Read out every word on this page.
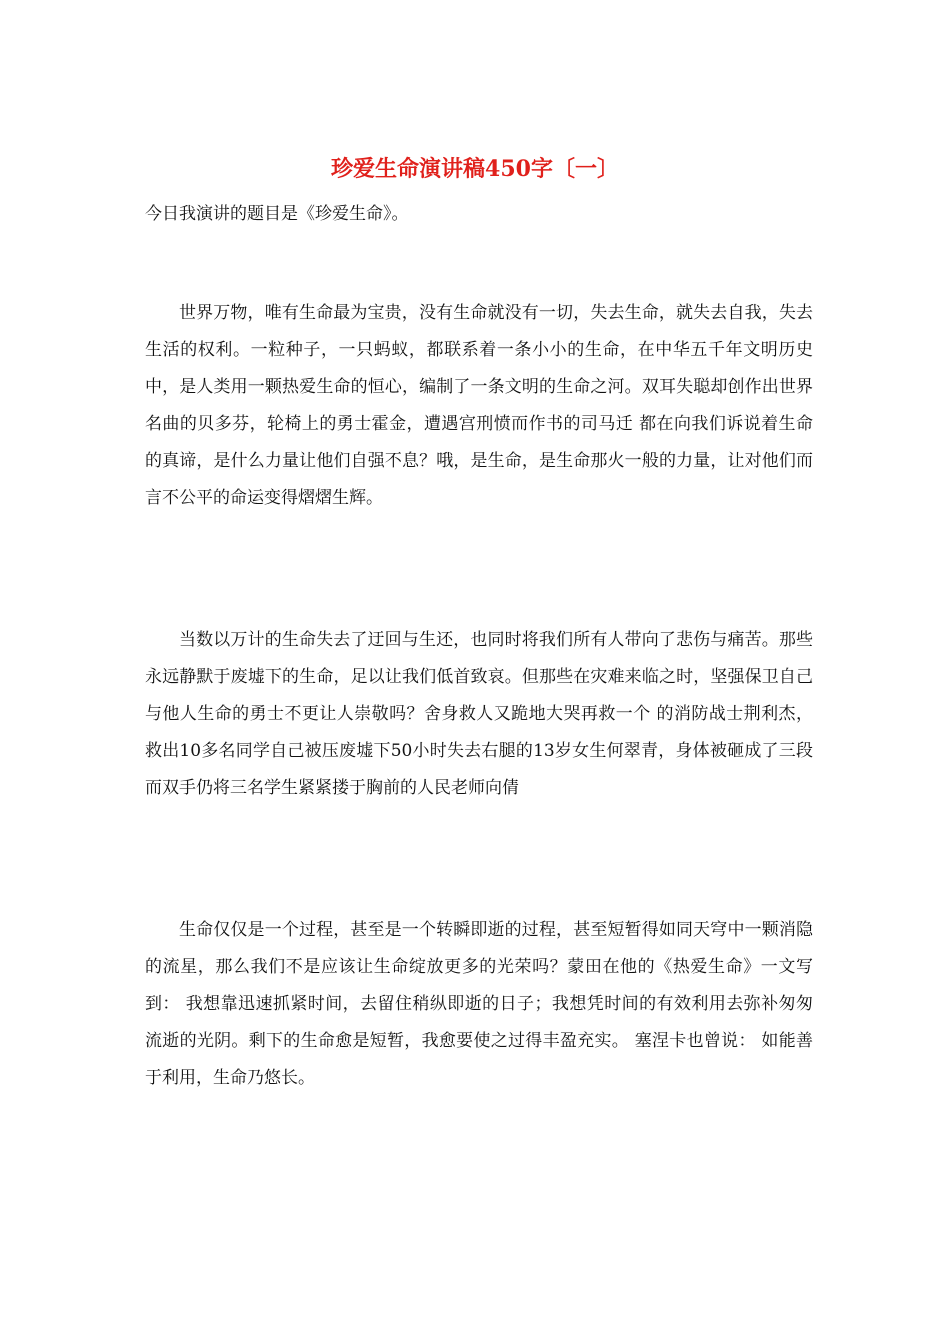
珍爱生命演讲稿450字〔一〕

今日我演讲的题目是《珍爱生命》。

世界万物，唯有生命最为宝贵，没有生命就没有一切，失去生命，就失去自我，失去生活的权利。一粒种子，一只蚂蚁，都联系着一条小小的生命，在中华五千年文明历史中，是人类用一颗热爱生命的恒心，编制了一条文明的生命之河。双耳失聪却创作出世界名曲的贝多芬，轮椅上的勇士霍金，遭遇宫刑愤而作书的司马迁 都在向我们诉说着生命的真谛，是什么力量让他们自强不息？哦，是生命，是生命那火一般的力量，让对他们而言不公平的命运变得熠熠生辉。

当数以万计的生命失去了迂回与生还，也同时将我们所有人带向了悲伤与痛苦。那些永远静默于废墟下的生命，足以让我们低首致哀。但那些在灾难来临之时，坚强保卫自己与他人生命的勇士不更让人崇敬吗？舍身救人又跪地大哭再救一个 的消防战士荆利杰，救出10多名同学自己被压废墟下50小时失去右腿的13岁女生何翠青，身体被砸成了三段而双手仍将三名学生紧紧搂于胸前的人民老师向倩

生命仅仅是一个过程，甚至是一个转瞬即逝的过程，甚至短暂得如同天穹中一颗消隐的流星，那么我们不是应该让生命绽放更多的光荣吗？蒙田在他的《热爱生命》一文写到： 我想靠迅速抓紧时间，去留住稍纵即逝的日子；我想凭时间的有效利用去弥补匆匆流逝的光阴。剩下的生命愈是短暂，我愈要使之过得丰盈充实。 塞涅卡也曾说： 如能善于利用，生命乃悠长。
